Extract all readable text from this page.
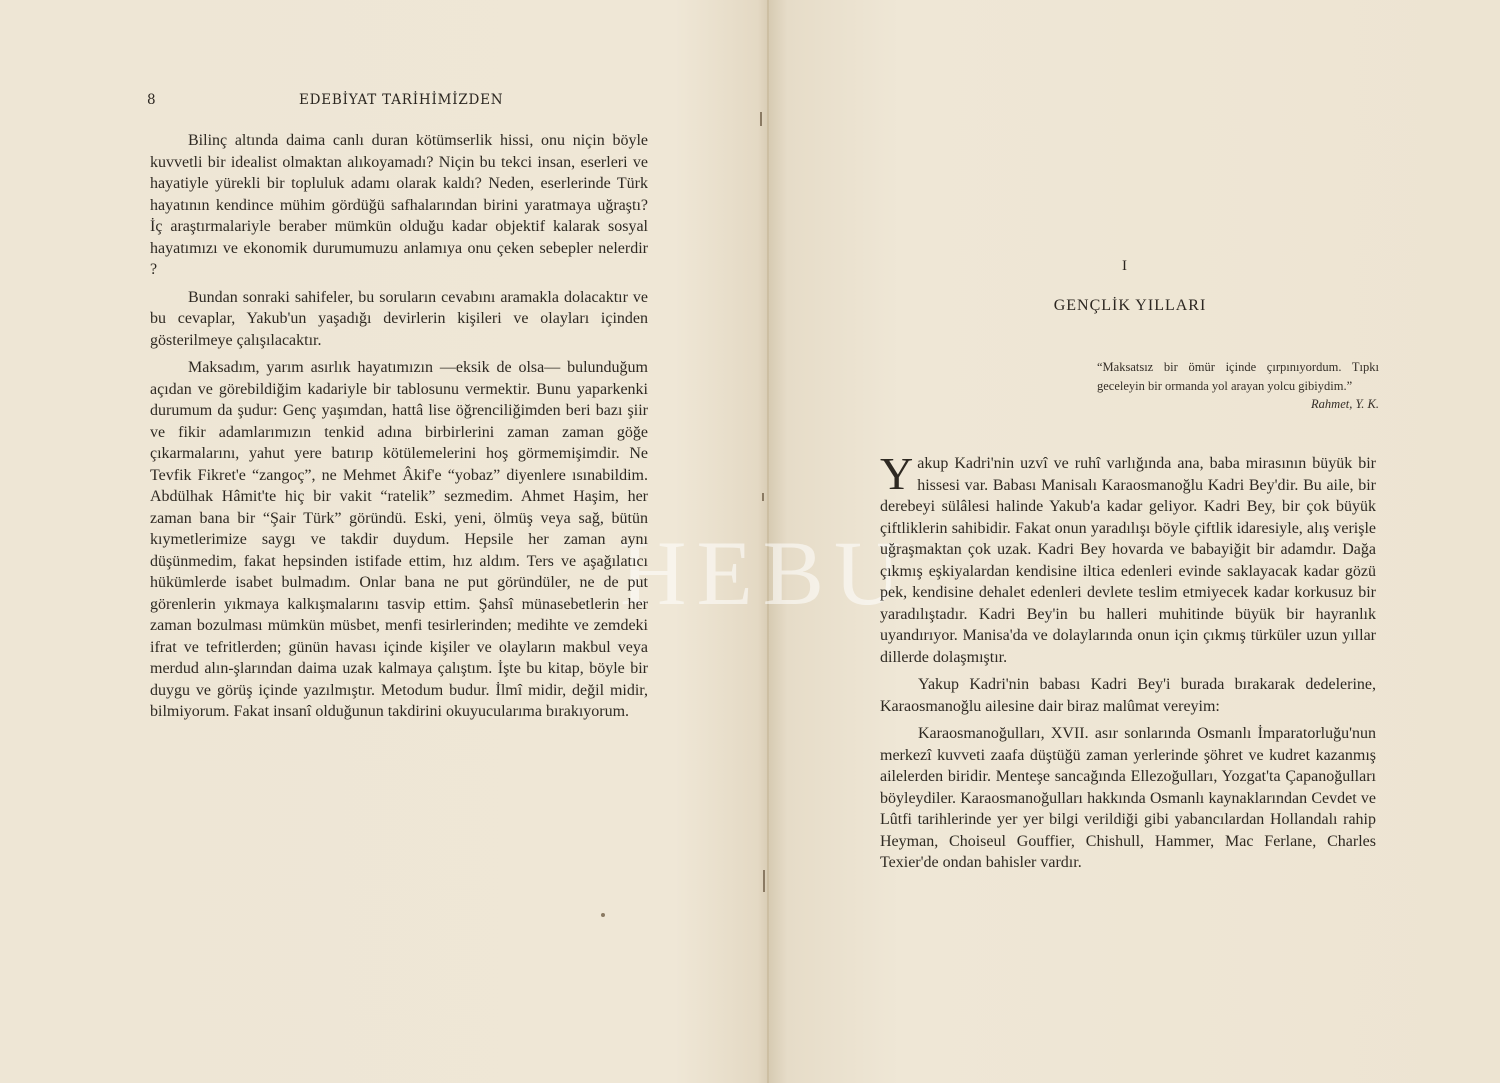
HEBU
8	EDEBİYAT TARİHİMİZDEN

Bilinç altında daima canlı duran kötümserlik hissi, onu niçin böyle kuvvetli bir idealist olmaktan alıkoyamadı? Niçin bu tekci insan, eserleri ve hayatiyle yürekli bir topluluk adamı olarak kaldı? Neden, eserlerinde Türk hayatının kendince mühim gördüğü safhalarından birini yaratmaya uğraştı? İç araştırmalariyle beraber mümkün olduğu kadar objektif kalarak sosyal hayatımızı ve ekonomik durumumuzu anlamıya onu çeken sebepler nelerdir ?

Bundan sonraki sahifeler, bu soruların cevabını aramakla dolacaktır ve bu cevaplar, Yakub'un yaşadığı devirlerin kişileri ve olayları içinden gösterilmeye çalışılacaktır.

Maksadım, yarım asırlık hayatımızın —eksik de olsa— bulunduğum açıdan ve görebildiğim kadariyle bir tablosunu vermektir. Bunu yaparkenki durumum da şudur: Genç yaşımdan, hattâ lise öğrenciliğimden beri bazı şiir ve fikir adamlarımızın tenkid adına birbirlerini zaman zaman göğe çıkarmalarını, yahut yere batırıp kötülemelerini hoş görmemişimdir. Ne Tevfik Fikret'e “zangoç”, ne Mehmet Âkif'e “yobaz” diyenlere ısınabildim. Abdülhak Hâmit'te hiç bir vakit “ratelik” sezmedim. Ahmet Haşim, her zaman bana bir “Şair Türk” göründü. Eski, yeni, ölmüş veya sağ, bütün kıymetlerimize saygı ve takdir duydum. Hepsile her zaman aynı düşünmedim, fakat hepsinden istifade ettim, hız aldım. Ters ve aşağılatıcı hükümlerde isabet bulmadım. Onlar bana ne put göründüler, ne de put görenlerin yıkmaya kalkışmalarını tasvip ettim. Şahsî münasebetlerin her zaman bozulması mümkün müsbet, menfi tesirlerinden; medihte ve zemdeki ifrat ve tefritlerden; günün havası içinde kişiler ve olayların makbul veya merdud alın-şlarından daima uzak kalmaya çalıştım. İşte bu kitap, böyle bir duygu ve görüş içinde yazılmıştır. Metodum budur. İlmî midir, değil midir, bilmiyorum. Fakat insanî olduğunun takdirini okuyucularıma bırakıyorum.

I
GENÇLİK YILLARI
“Maksatsız bir ömür içinde çırpınıyordum. Tıpkı geceleyin bir ormanda yol arayan yolcu gibiydim.”
Rahmet, Y. K.

Yakup Kadri'nin uzvî ve ruhî varlığında ana, baba mirasının büyük bir hissesi var. Babası Manisalı Karaosmanoğlu Kadri Bey'dir. Bu aile, bir derebeyi sülâlesi halinde Yakub'a kadar geliyor. Kadri Bey, bir çok büyük çiftliklerin sahibidir. Fakat onun yaradılışı böyle çiftlik idaresiyle, alış verişle uğraşmaktan çok uzak. Kadri Bey hovarda ve babayiğit bir adamdır. Dağa çıkmış eşkiyalardan kendisine iltica edenleri evinde saklayacak kadar gözü pek, kendisine dehalet edenleri devlete teslim etmiyecek kadar korkusuz bir yaradılıştadır. Kadri Bey'in bu halleri muhitinde büyük bir hayranlık uyandırıyor. Manisa'da ve dolaylarında onun için çıkmış türküler uzun yıllar dillerde dolaşmıştır.

Yakup Kadri'nin babası Kadri Bey'i burada bırakarak dedelerine, Karaosmanoğlu ailesine dair biraz malûmat vereyim:

Karaosmanoğulları, XVII. asır sonlarında Osmanlı İmparatorluğu'nun merkezî kuvveti zaafa düştüğü zaman yerlerinde şöhret ve kudret kazanmış ailelerden biridir. Menteşe sancağında Ellezoğulları, Yozgat'ta Çapanoğulları böyleydiler. Karaosmanoğulları hakkında Osmanlı kaynaklarından Cevdet ve Lûtfi tarihlerinde yer yer bilgi verildiği gibi yabancılardan Hollandalı rahip Heyman, Choiseul Gouffier, Chishull, Hammer, Mac Ferlane, Charles Texier'de ondan bahisler vardır.
